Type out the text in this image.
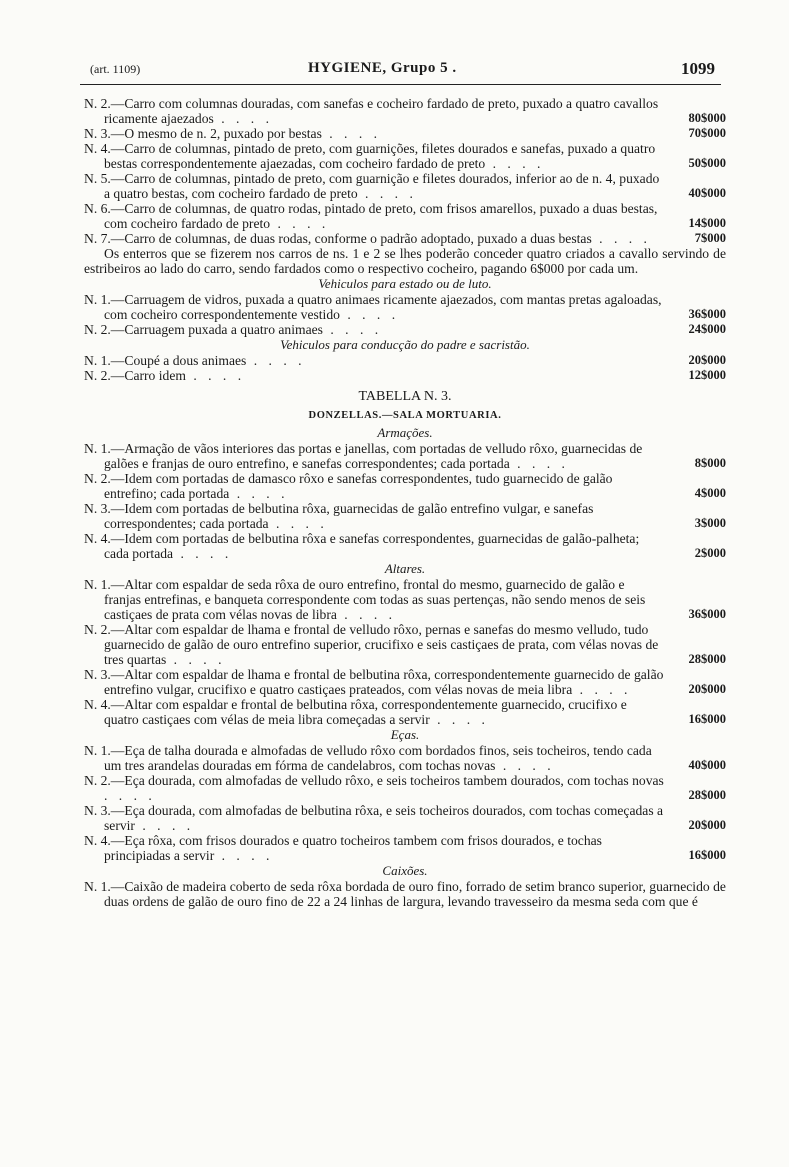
(art. 1109)	HYGIENE, Grupo 5 .	1099
N. 2.—Carro com columnas douradas, com sanefas e cocheiro fardado de preto, puxado a quatro cavallos ricamente ajaezados . . . .	80$000
N. 3.—O mesmo de n. 2, puxado por bestas . . . .	70$000
N. 4.—Carro de columnas, pintado de preto, com guarnições, filetes dourados e sanefas, puxado a quatro bestas correspondentemente ajaezadas, com cocheiro fardado de preto . . . .	50$000
N. 5.—Carro de columnas, pintado de preto, com guarnição e filetes dourados, inferior ao de n. 4, puxado a quatro bestas, com cocheiro fardado de preto . . . .	40$000
N. 6.—Carro de columnas, de quatro rodas, pintado de preto, com frisos amarellos, puxado a duas bestas, com cocheiro fardado de preto . . . .	14$000
N. 7.—Carro de columnas, de duas rodas, conforme o padrão adoptado, puxado a duas bestas . . . .	7$000
Os enterros que se fizerem nos carros de ns. 1 e 2 se lhes poderão conceder quatro criados a cavallo servindo de estribeiros ao lado do carro, sendo fardados como o respectivo cocheiro, pagando 6$000 por cada um.
Vehiculos para estado ou de luto.
N. 1.—Carruagem de vidros, puxada a quatro animaes ricamente ajaezados, com mantas pretas agaloadas, com cocheiro correspondentemente vestido . . . .	36$000
N. 2.—Carruagem puxada a quatro animaes . . . .	24$000
Vehiculos para conducção do padre e sacristão.
N. 1.—Coupé a dous animaes . . . .	20$000
N. 2.—Carro idem . . . .	12$000
TABELLA N. 3.
DONZELLAS.—SALA MORTUARIA.
Armações.
N. 1.—Armação de vãos interiores das portas e janellas, com portadas de velludo rôxo, guarnecidas de galões e franjas de ouro entrefino, e sanefas correspondentes; cada portada . . . .	8$000
N. 2.—Idem com portadas de damasco rôxo e sanefas correspondentes, tudo guarnecido de galão entrefino; cada portada . . . .	4$000
N. 3.—Idem com portadas de belbutina rôxa, guarnecidas de galão entrefino vulgar, e sanefas correspondentes; cada portada . . . .	3$000
N. 4.—Idem com portadas de belbutina rôxa e sanefas correspondentes, guarnecidas de galão-palheta; cada portada . . . .	2$000
Altares.
N. 1.—Altar com espaldar de seda rôxa de ouro entrefino, frontal do mesmo, guarnecido de galão e franjas entrefinas, e banqueta correspondente com todas as suas pertenças, não sendo menos de seis castiçaes de prata com vélas novas de libra . . . .	36$000
N. 2.—Altar com espaldar de lhama e frontal de velludo rôxo, pernas e sanefas do mesmo velludo, tudo guarnecido de galão de ouro entrefino superior, crucifixo e seis castiçaes de prata, com vélas novas de tres quartas . . . .	28$000
N. 3.—Altar com espaldar de lhama e frontal de belbutina rôxa, correspondentemente guarnecido de galão entrefino vulgar, crucifixo e quatro castiçaes prateados, com vélas novas de meia libra . . . .	20$000
N. 4.—Altar com espaldar e frontal de belbutina rôxa, correspondentemente guarnecido, crucifixo e quatro castiçaes com vélas de meia libra começadas a servir . . . .	16$000
Eças.
N. 1.—Eça de talha dourada e almofadas de velludo rôxo com bordados finos, seis tocheiros, tendo cada um tres arandelas douradas em fórma de candelabros, com tochas novas . . . .	40$000
N. 2.—Eça dourada, com almofadas de velludo rôxo, e seis tocheiros tambem dourados, com tochas novas . . . .	28$000
N. 3.—Eça dourada, com almofadas de belbutina rôxa, e seis tocheiros dourados, com tochas começadas a servir . . . .	20$000
N. 4.—Eça rôxa, com frisos dourados e quatro tocheiros tambem com frisos dourados, e tochas principiadas a servir . . . .	16$000
Caixões.
N. 1.—Caixão de madeira coberto de seda rôxa bordada de ouro fino, forrado de setim branco superior, guarnecido de duas ordens de galão de ouro fino de 22 a 24 linhas de largura, levando travesseiro da mesma seda com que é
